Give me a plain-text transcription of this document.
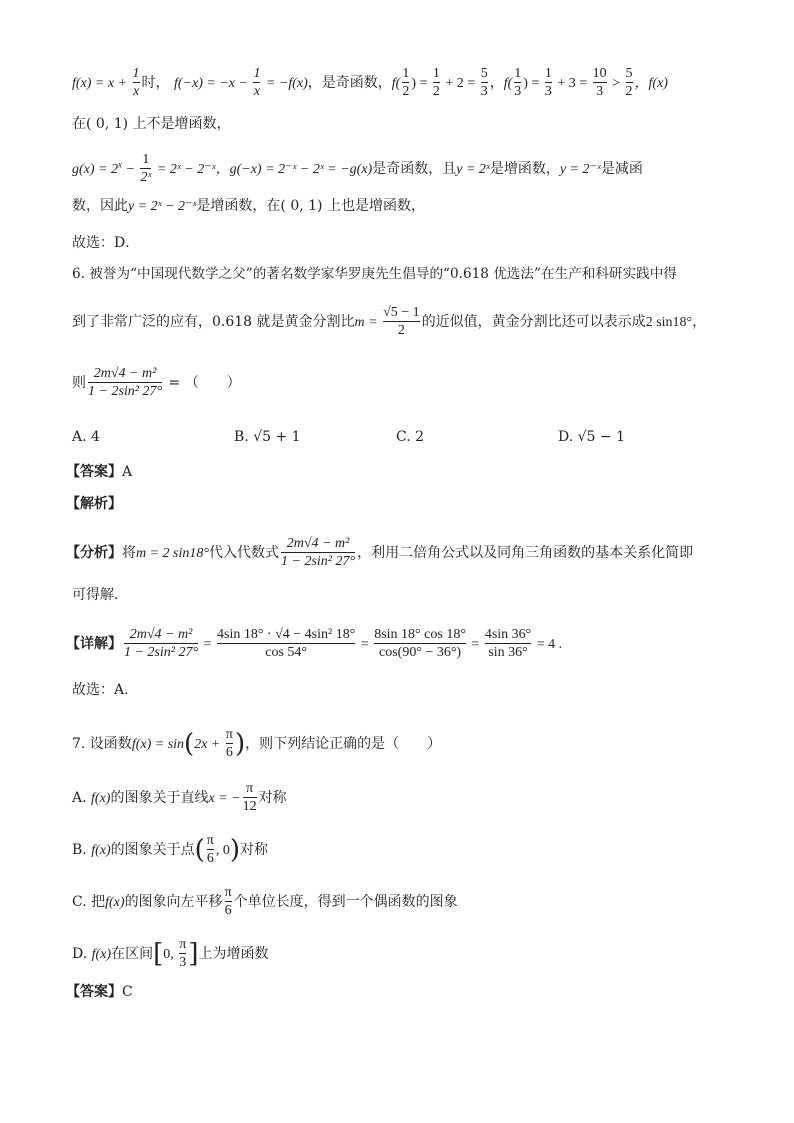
$f(x) = x + \frac{1}{x}$ 时， $f(-x) = -x - \frac{1}{x} = -f(x)$，是奇函数，$f( \frac{1}{2}$ ) = $\frac{1}{2} + 2 = \frac{5}{3}$ ，$f( \frac{1}{3}$ ) = $\frac{1}{3} + 3 = \frac{10}{3} > \frac{5}{2}$ ，f(x)
在( 0, 1) 上不是增函数，
$g(x) = 2^x - \frac{1}{\text{2ˣ}}$ = 2ˣ − 2⁻ˣ，g(−x) = 2⁻ˣ − 2ˣ = −g(x)是奇函数，且y = 2ˣ是增函数，y = 2⁻ˣ是减函
数，因此y = 2ˣ − 2⁻ˣ是增函数，在( 0, 1) 上也是增函数，
故选：D．
6. 被誉为“中国现代数学之父”的著名数学家华罗庚先生倡导的“0.618 优选法”在生产和科研实践中得
到了非常广泛的应有，0.618 就是黄金分割比$m = \frac{√5 - 1}{2}$ 的近似值，黄金分割比还可以表示成2 sin18°，
则 $\frac{\text{2m√4 − m²}}{\text{1 − 2sin² 27°}}$ = （　　）
A. 4	B. √5 + 1	C. 2	D. √5 − 1
【答案】A
【解析】
【分析】将m = 2 sin18°代入代数式 $\frac{\text{2m√4 − m²}}{\text{1 − 2sin² 27°}}$ ，利用二倍角公式以及同角三角函数的基本关系化简即
可得解.
【详解】 $\frac{\text{2m√4 − m²}}{\text{1 − 2sin² 27°}} = \frac{\text{4sin 18° · √4 − 4sin² 18°}}{\cos 54^\circ} = \frac{8\sin 18^\circ \cos 18^\circ}{\cos(90^\circ - 36^\circ)} = \frac{4\sin 36^\circ}{\sin 36^\circ} = 4$ .
故选：A.
7. 设函数$f(x) = \sin(2x + \frac{\pi}{6}$ )，则下列结论正确的是（　　）
A. f(x)的图象关于直线x = − $\frac{\pi}{12}$ 对称
B. f(x)的图象关于点( $\frac{\pi}{6}$ , 0)对称
C. 把f(x)的图象向左平移 $\frac{\pi}{6}$ 个单位长度，得到一个偶函数的图象
D. f(x)在区间[0, $\frac{\pi}{3}$ ]上为增函数
【答案】C
